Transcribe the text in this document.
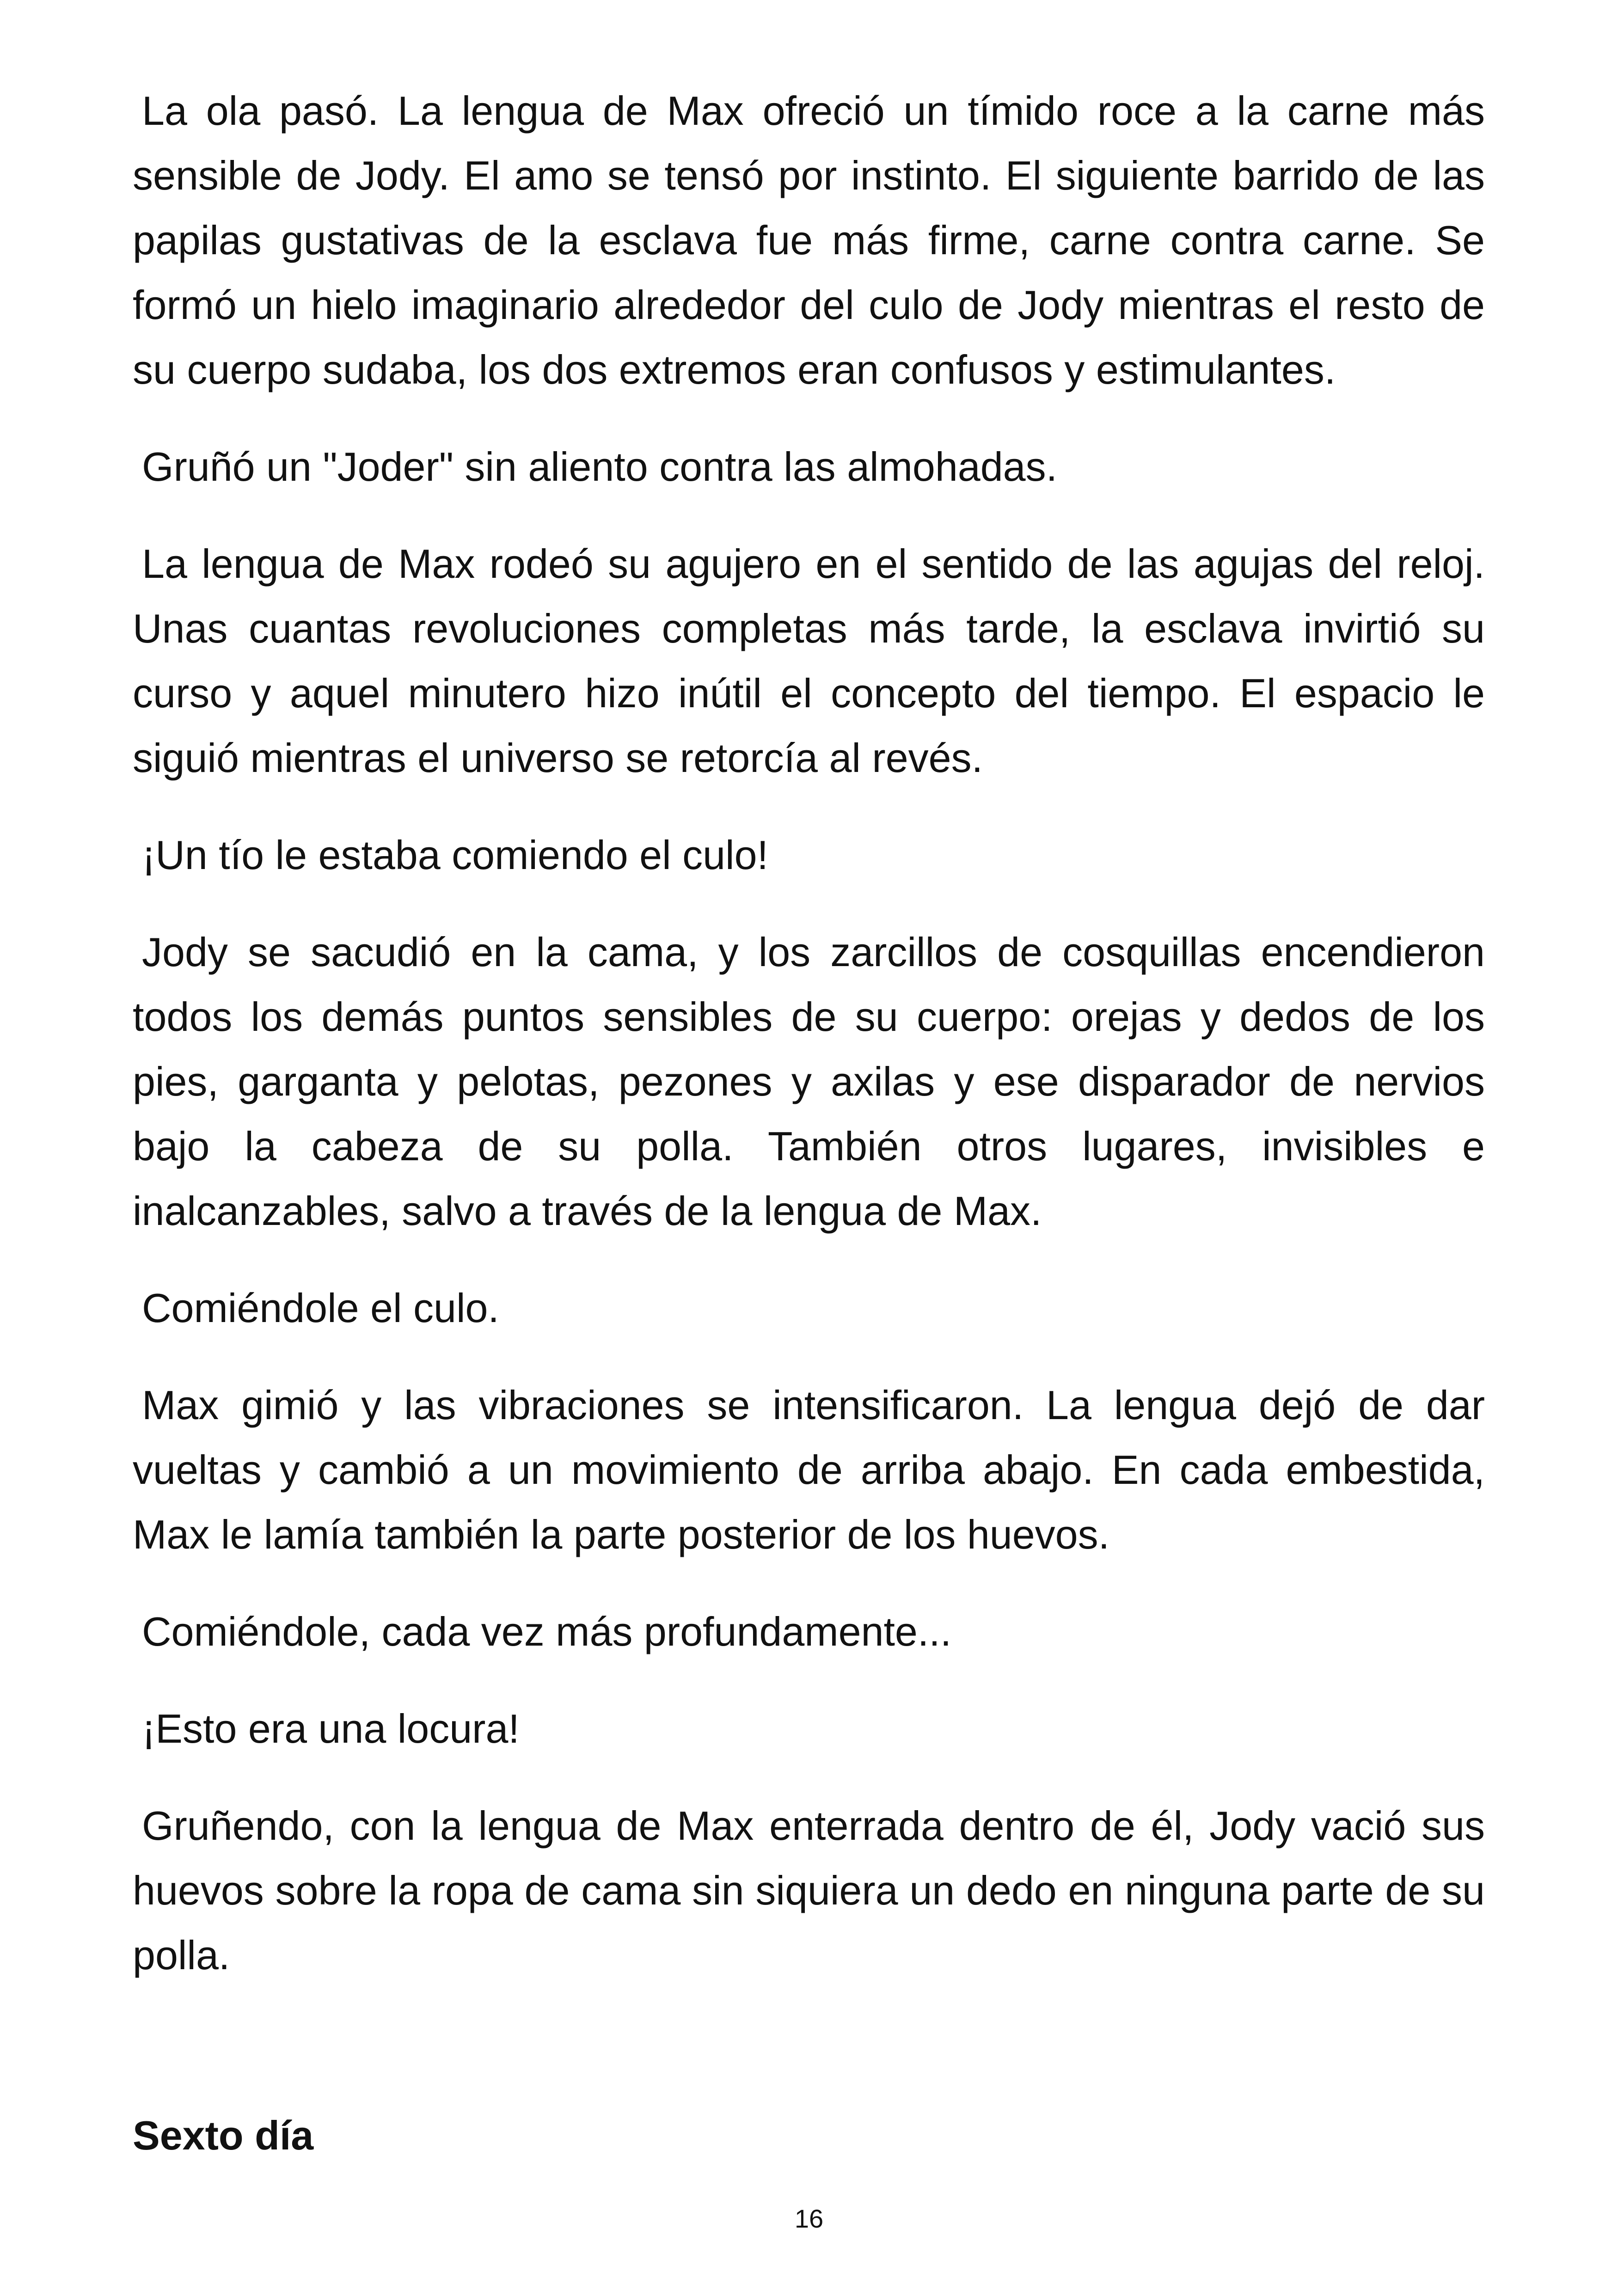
La ola pasó. La lengua de Max ofreció un tímido roce a la carne más sensible de Jody. El amo se tensó por instinto. El siguiente barrido de las papilas gustativas de la esclava fue más firme, carne contra carne. Se formó un hielo imaginario alrededor del culo de Jody mientras el resto de su cuerpo sudaba, los dos extremos eran confusos y estimulantes.

Gruñó un "Joder" sin aliento contra las almohadas.

La lengua de Max rodeó su agujero en el sentido de las agujas del reloj. Unas cuantas revoluciones completas más tarde, la esclava invirtió su curso y aquel minutero hizo inútil el concepto del tiempo. El espacio le siguió mientras el universo se retorcía al revés.

¡Un tío le estaba comiendo el culo!

Jody se sacudió en la cama, y los zarcillos de cosquillas encendieron todos los demás puntos sensibles de su cuerpo: orejas y dedos de los pies, garganta y pelotas, pezones y axilas y ese disparador de nervios bajo la cabeza de su polla. También otros lugares, invisibles e inalcanzables, salvo a través de la lengua de Max.

Comiéndole el culo.

Max gimió y las vibraciones se intensificaron. La lengua dejó de dar vueltas y cambió a un movimiento de arriba abajo. En cada embestida, Max le lamía también la parte posterior de los huevos.

Comiéndole, cada vez más profundamente...

¡Esto era una locura!

Gruñendo, con la lengua de Max enterrada dentro de él, Jody vació sus huevos sobre la ropa de cama sin siquiera un dedo en ninguna parte de su polla.

Sexto día
16
